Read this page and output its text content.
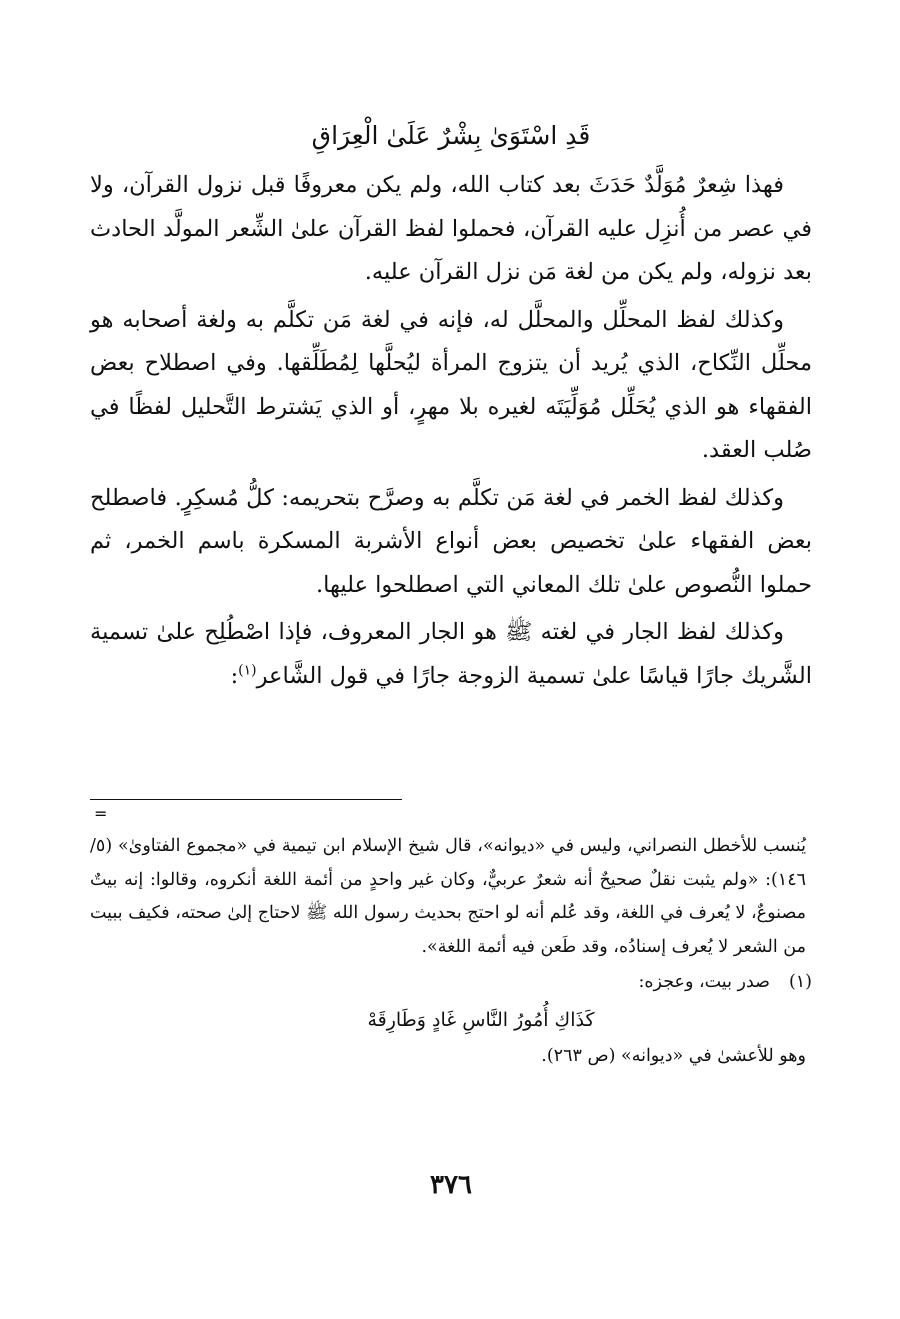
قَدِ اسْتَوَىٰ بِشْرٌ عَلَىٰ الْعِرَاقِ

فهذا شِعرٌ مُوَلَّدٌ حَدَثَ بعد كتاب الله، ولم يكن معروفًا قبل نزول القرآن، ولا في عصر من أُنزِل عليه القرآن، فحملوا لفظ القرآن علىٰ الشِّعر المولَّد الحادث بعد نزوله، ولم يكن من لغة مَن نزل القرآن عليه.

وكذلك لفظ المحلِّل والمحلَّل له، فإنه في لغة مَن تكلَّم به ولغة أصحابه هو محلِّل النِّكاح، الذي يُريد أن يتزوج المرأة ليُحلَّها لِمُطَلِّقها. وفي اصطلاح بعض الفقهاء هو الذي يُحَلِّل مُوَلِّيَتَه لغيره بلا مهرٍ، أو الذي يَشترط التَّحليل لفظًا في صُلب العقد.

وكذلك لفظ الخمر في لغة مَن تكلَّم به وصرَّح بتحريمه: كلُّ مُسكِرٍ. فاصطلح بعض الفقهاء علىٰ تخصيص بعض أنواع الأشربة المسكرة باسم الخمر، ثم حملوا النُّصوص علىٰ تلك المعاني التي اصطلحوا عليها.

وكذلك لفظ الجار في لغته ﷺ هو الجار المعروف، فإذا اصْطُلِح علىٰ تسمية الشَّريك جارًا قياسًا علىٰ تسمية الزوجة جارًا في قول الشَّاعر$^{(١)}$:

=

يُنسب للأخطل النصراني، وليس في «ديوانه»، قال شيخ الإسلام ابن تيمية في «مجموع الفتاوىٰ» (٥/ ١٤٦): «ولم يثبت نقلٌ صحيحٌ أنه شعرٌ عربيٌّ، وكان غير واحدٍ من أئمة اللغة أنكروه، وقالوا: إنه بيتٌ مصنوعٌ، لا يُعرف في اللغة، وقد عُلم أنه لو احتج بحديث رسول الله ﷺ لاحتاج إلىٰ صحته، فكيف ببيت من الشعر لا يُعرف إسنادُه، وقد طَعن فيه أئمة اللغة».

(١)
صدر بيت، وعجزه:
كَذَاكِ أُمُورُ النَّاسِ غَادٍ وَطَارِقَهْ
وهو للأعشىٰ في «ديوانه» (ص ٢٦٣).
٣٧٦
